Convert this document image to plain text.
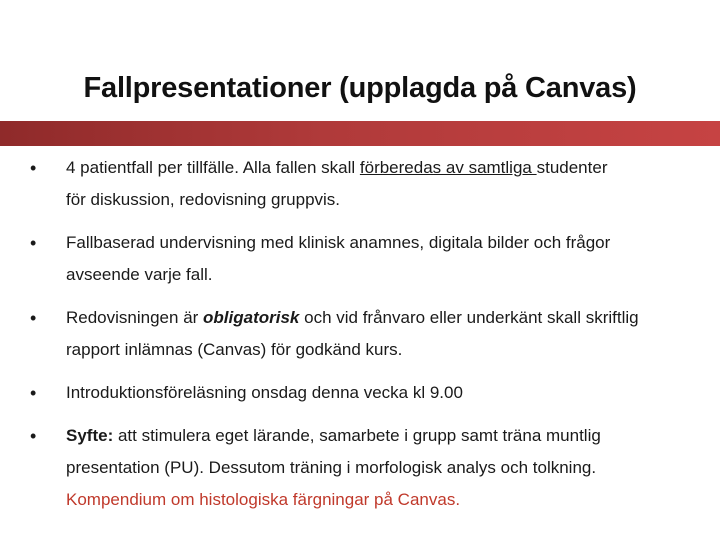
Fallpresentationer (upplagda på Canvas)
•	4 patientfall per tillfälle. Alla fallen skall förberedas av samtliga studenter
för diskussion, redovisning gruppvis.
•	Fallbaserad undervisning med klinisk anamnes, digitala bilder och frågor
avseende varje fall.
•	Redovisningen är obligatorisk och vid frånvaro eller underkänt skall skriftlig
rapport inlämnas (Canvas) för godkänd kurs.
•	Introduktionsföreläsning onsdag denna vecka kl 9.00
•	Syfte: att stimulera eget lärande, samarbete i grupp samt träna muntlig
presentation (PU). Dessutom träning i morfologisk analys och tolkning.
Kompendium om histologiska färgningar på Canvas.
